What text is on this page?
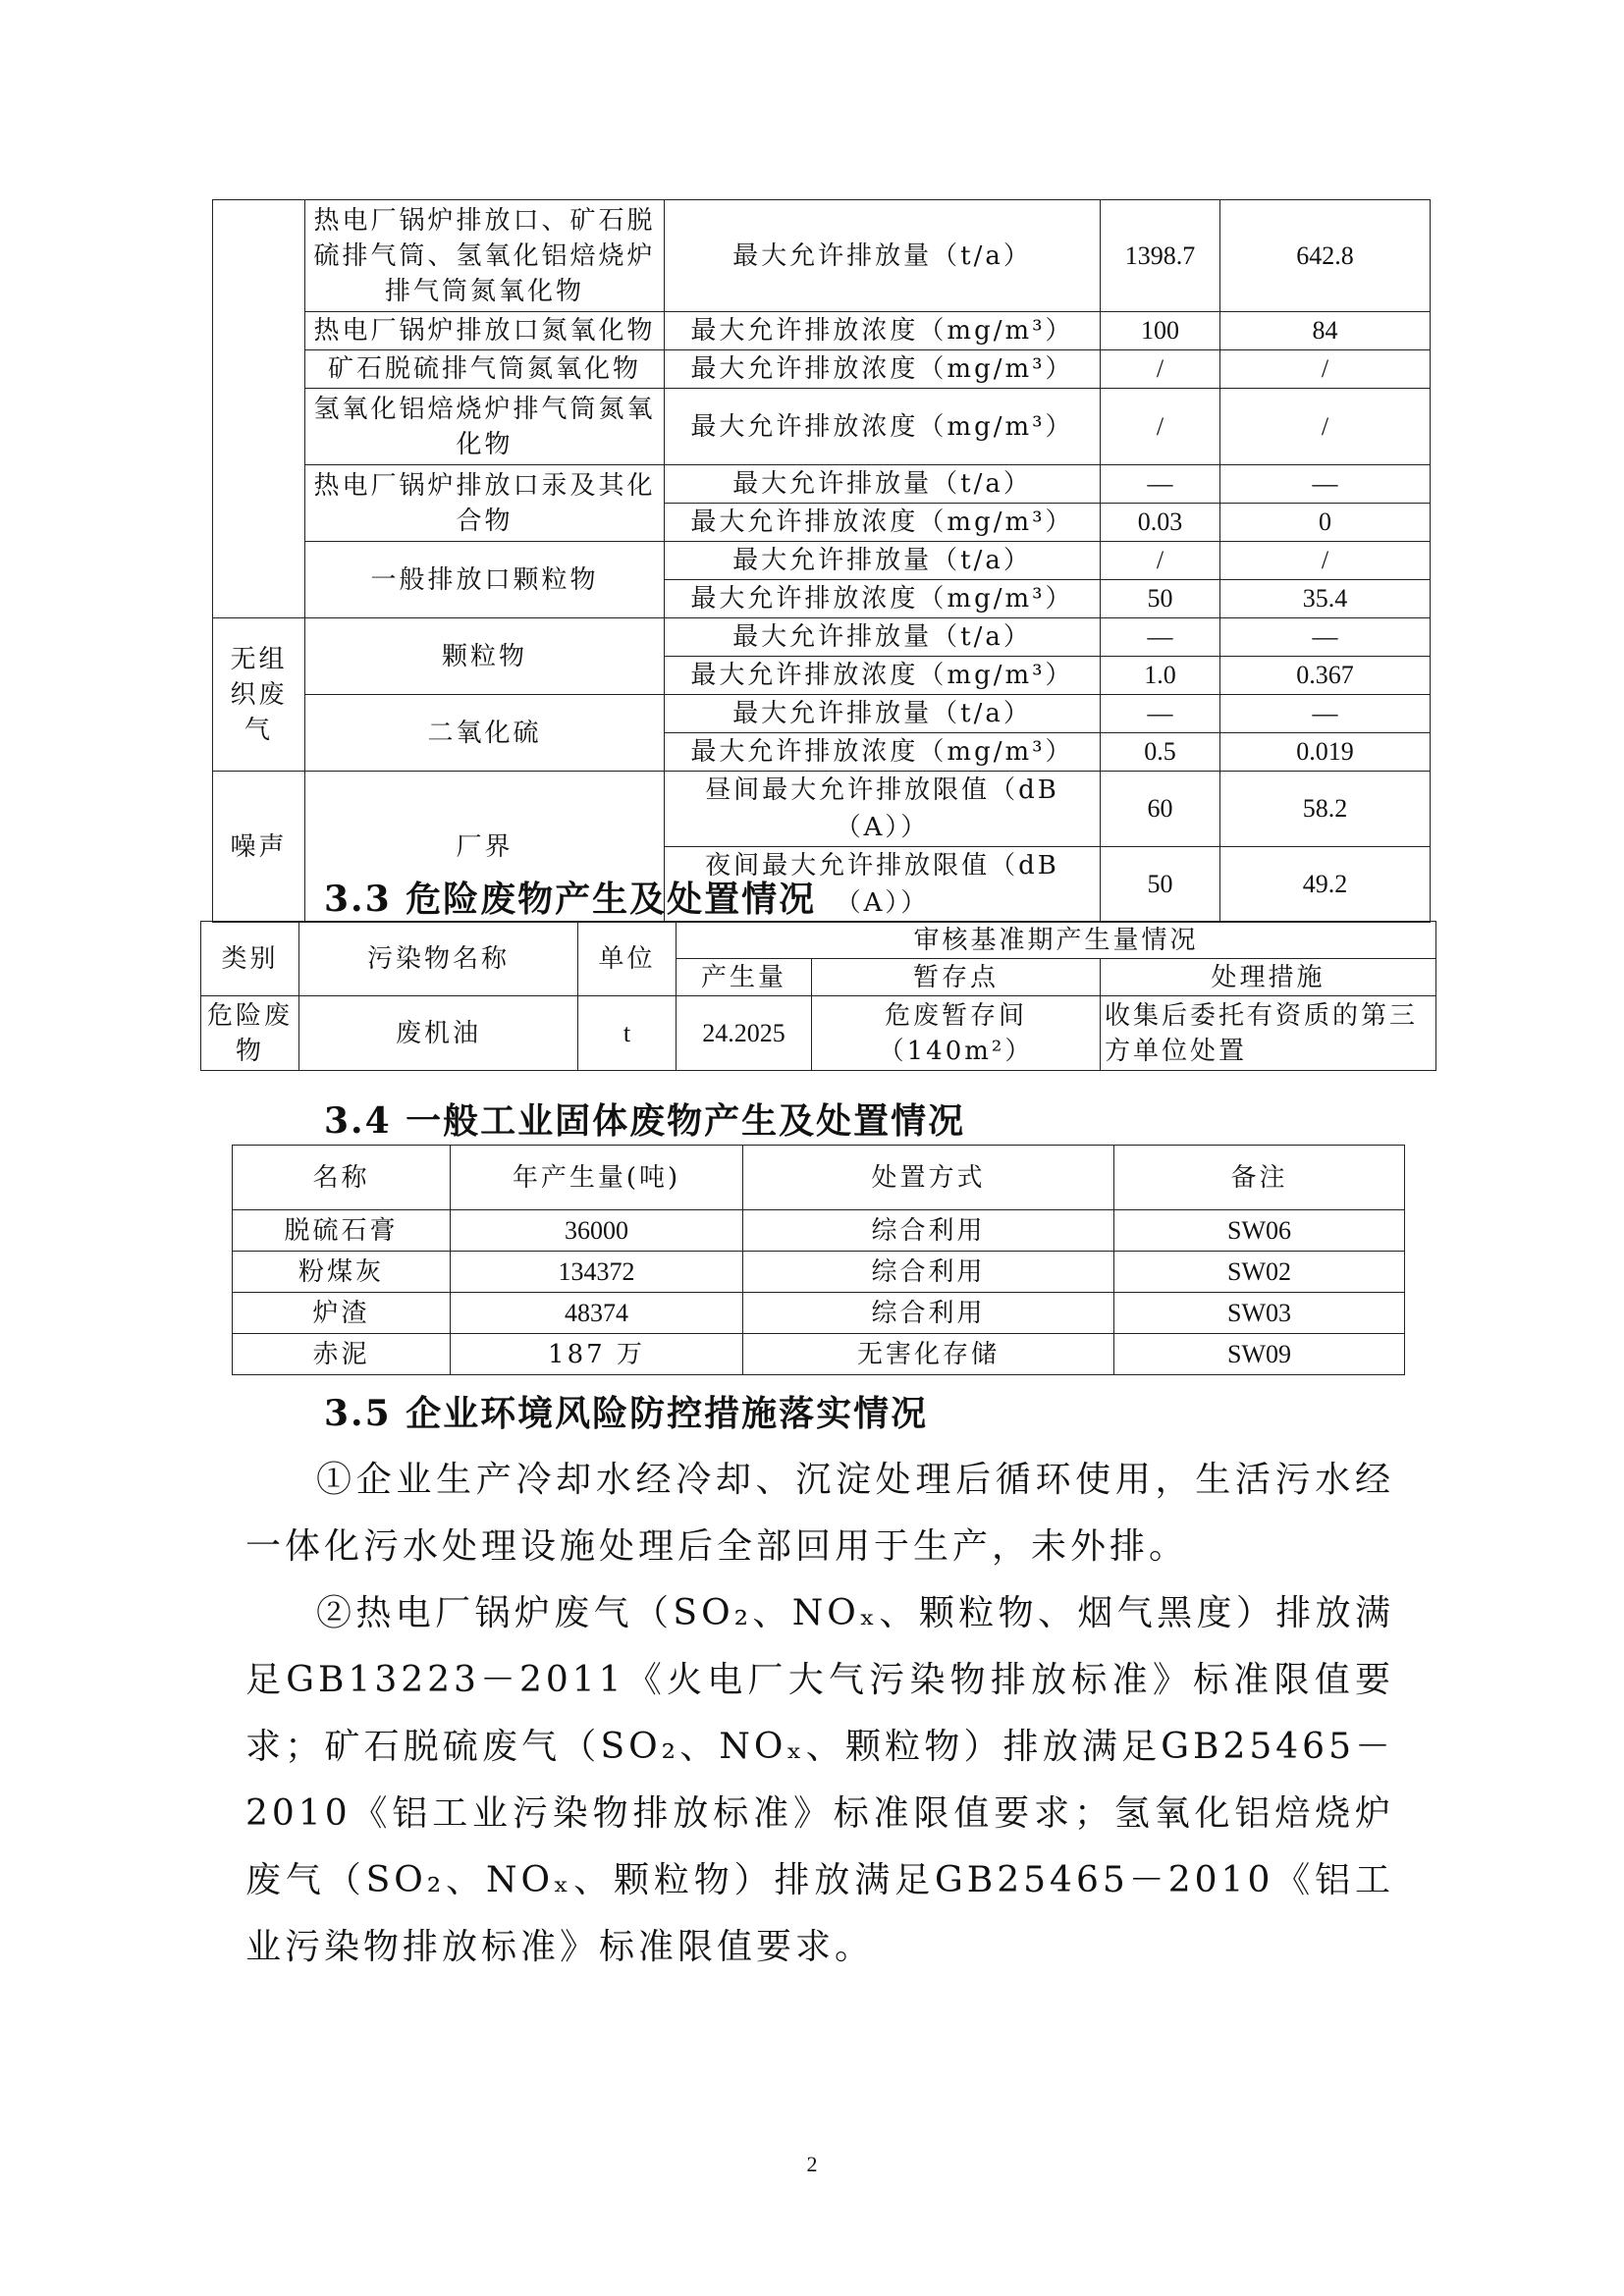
	热电厂锅炉排放口、矿石脱硫排气筒、氢氧化铝焙烧炉排气筒氮氧化物	最大允许排放量（t/a）	1398.7	642.8
	热电厂锅炉排放口氮氧化物	最大允许排放浓度（mg/m³）	100	84
	矿石脱硫排气筒氮氧化物	最大允许排放浓度（mg/m³）	/	/
	氢氧化铝焙烧炉排气筒氮氧化物	最大允许排放浓度（mg/m³）	/	/
	热电厂锅炉排放口汞及其化合物	最大允许排放量（t/a）	—	—
		最大允许排放浓度（mg/m³）	0.03	0
	一般排放口颗粒物	最大允许排放量（t/a）	/	/
		最大允许排放浓度（mg/m³）	50	35.4
无组织废气	颗粒物	最大允许排放量（t/a）	—	—
		最大允许排放浓度（mg/m³）	1.0	0.367
	二氧化硫	最大允许排放量（t/a）	—	—
		最大允许排放浓度（mg/m³）	0.5	0.019
噪声	厂界	昼间最大允许排放限值（dB（A））	60	58.2
		夜间最大允许排放限值（dB（A））	50	49.2
3.3 危险废物产生及处置情况
类别	污染物名称	单位	审核基准期产生量情况		
			产生量	暂存点	处理措施
危险废物	废机油	t	24.2025	危废暂存间（140m²）	收集后委托有资质的第三方单位处置
3.4 一般工业固体废物产生及处置情况
名称	年产生量(吨)	处置方式	备注
脱硫石膏	36000	综合利用	SW06
粉煤灰	134372	综合利用	SW02
炉渣	48374	综合利用	SW03
赤泥	187 万	无害化存储	SW09
3.5 企业环境风险防控措施落实情况
①企业生产冷却水经冷却、沉淀处理后循环使用，生活污水经一体化污水处理设施处理后全部回用于生产，未外排。
②热电厂锅炉废气（SO₂、NOₓ、颗粒物、烟气黑度）排放满足GB13223－2011《火电厂大气污染物排放标准》标准限值要求；矿石脱硫废气（SO₂、NOₓ、颗粒物）排放满足GB25465－2010《铝工业污染物排放标准》标准限值要求；氢氧化铝焙烧炉废气（SO₂、NOₓ、颗粒物）排放满足GB25465－2010《铝工业污染物排放标准》标准限值要求。
2
